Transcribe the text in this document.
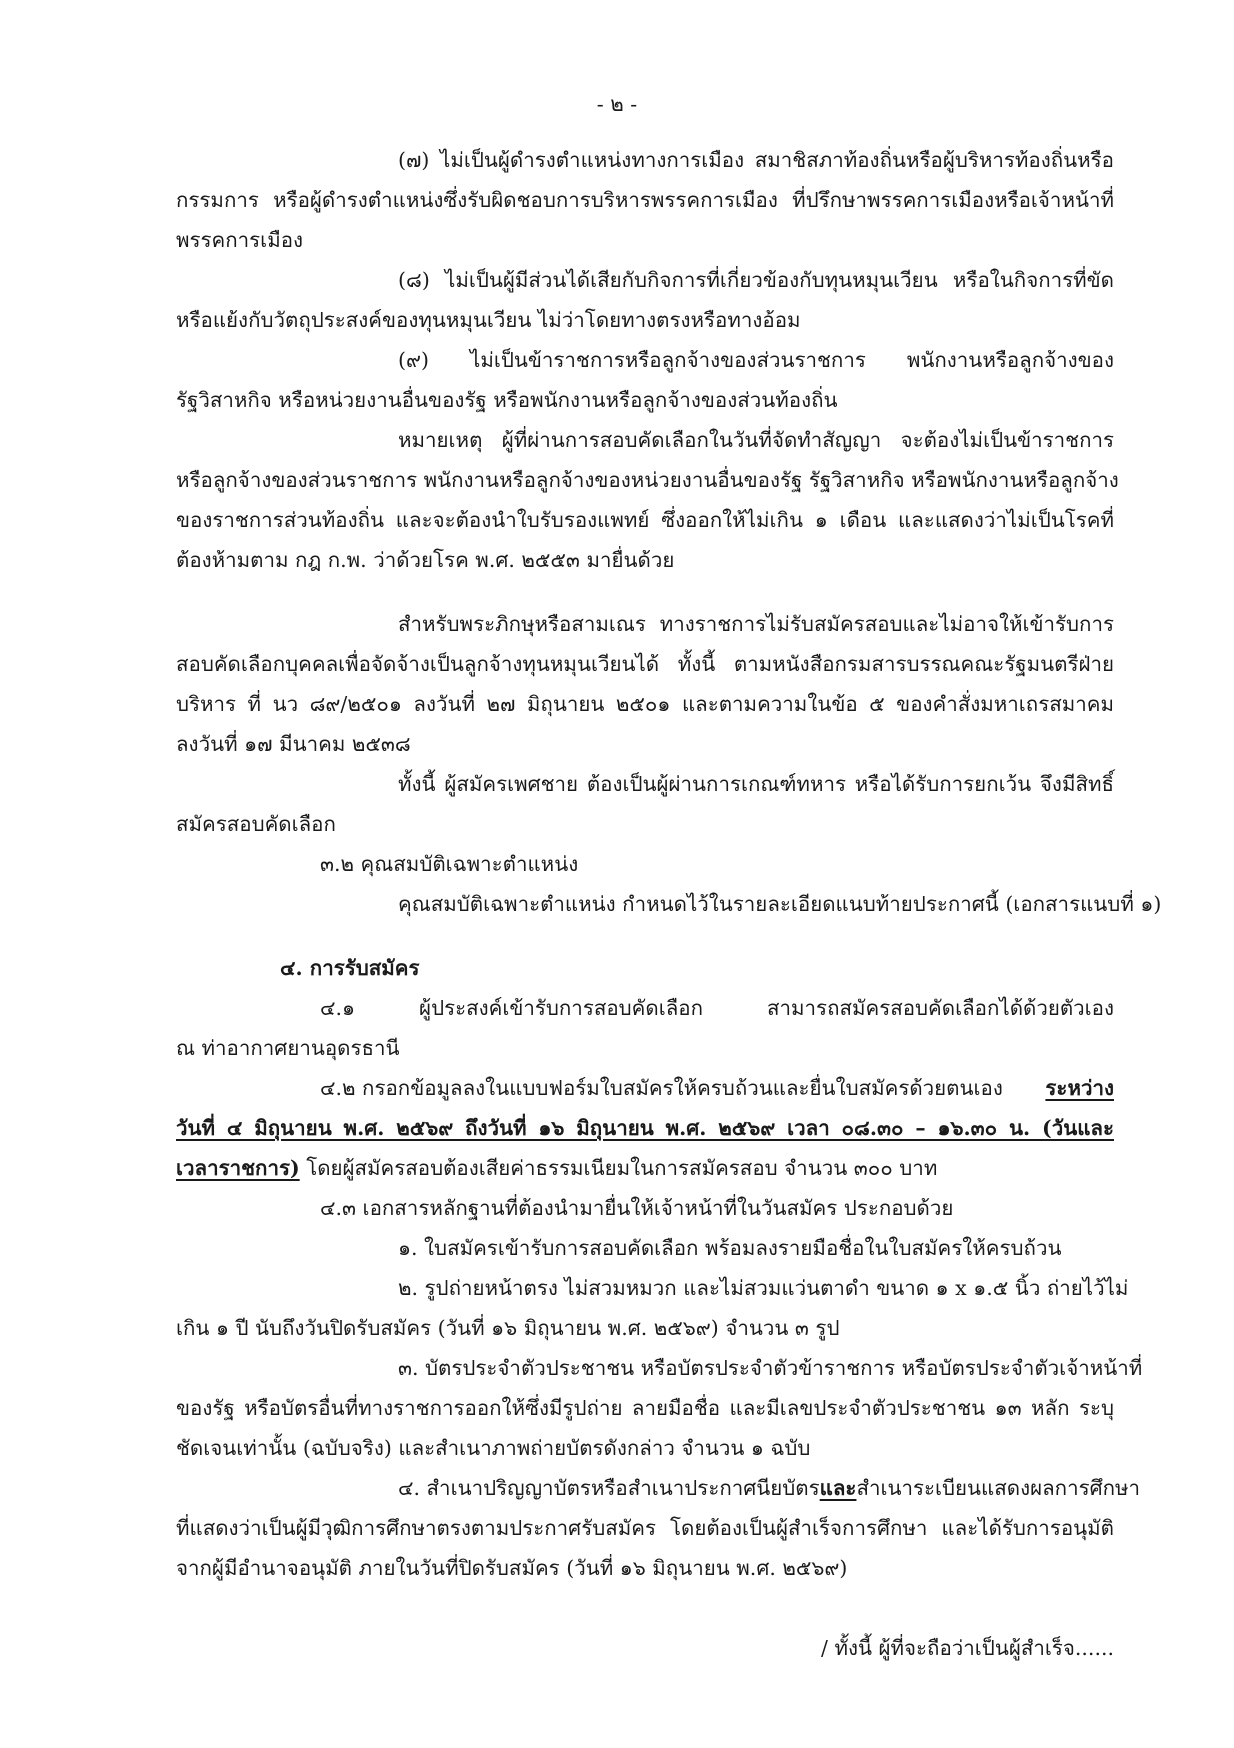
- ๒ -
(๗) ไม่เป็นผู้ดำรงตำแหน่งทางการเมือง สมาชิสภาท้องถิ่นหรือผู้บริหารท้องถิ่นหรือ
กรรมการ หรือผู้ดำรงตำแหน่งซึ่งรับผิดชอบการบริหารพรรคการเมือง ที่ปรึกษาพรรคการเมืองหรือเจ้าหน้าที่
พรรคการเมือง
(๘) ไม่เป็นผู้มีส่วนได้เสียกับกิจการที่เกี่ยวข้องกับทุนหมุนเวียน หรือในกิจการที่ขัด
หรือแย้งกับวัตถุประสงค์ของทุนหมุนเวียน ไม่ว่าโดยทางตรงหรือทางอ้อม
(๙) ไม่เป็นข้าราชการหรือลูกจ้างของส่วนราชการ พนักงานหรือลูกจ้างของ
รัฐวิสาหกิจ หรือหน่วยงานอื่นของรัฐ หรือพนักงานหรือลูกจ้างของส่วนท้องถิ่น
หมายเหตุ ผู้ที่ผ่านการสอบคัดเลือกในวันที่จัดทำสัญญา จะต้องไม่เป็นข้าราชการ
หรือลูกจ้างของส่วนราชการ พนักงานหรือลูกจ้างของหน่วยงานอื่นของรัฐ รัฐวิสาหกิจ หรือพนักงานหรือลูกจ้าง
ของราชการส่วนท้องถิ่น และจะต้องนำใบรับรองแพทย์ ซึ่งออกให้ไม่เกิน ๑ เดือน และแสดงว่าไม่เป็นโรคที่
ต้องห้ามตาม กฎ ก.พ. ว่าด้วยโรค พ.ศ. ๒๕๕๓ มายื่นด้วย
สำหรับพระภิกษุหรือสามเณร ทางราชการไม่รับสมัครสอบและไม่อาจให้เข้ารับการ
สอบคัดเลือกบุคคลเพื่อจัดจ้างเป็นลูกจ้างทุนหมุนเวียนได้ ทั้งนี้ ตามหนังสือกรมสารบรรณคณะรัฐมนตรีฝ่าย
บริหาร ที่ นว ๘๙/๒๕๐๑ ลงวันที่ ๒๗ มิถุนายน ๒๕๐๑ และตามความในข้อ ๕ ของคำสั่งมหาเถรสมาคม
ลงวันที่ ๑๗ มีนาคม ๒๕๓๘
ทั้งนี้ ผู้สมัครเพศชาย ต้องเป็นผู้ผ่านการเกณฑ์ทหาร หรือได้รับการยกเว้น จึงมีสิทธิ์
สมัครสอบคัดเลือก
๓.๒ คุณสมบัติเฉพาะตำแหน่ง
คุณสมบัติเฉพาะตำแหน่ง กำหนดไว้ในรายละเอียดแนบท้ายประกาศนี้ (เอกสารแนบที่ ๑)
๔. การรับสมัคร
๔.๑ ผู้ประสงค์เข้ารับการสอบคัดเลือก สามารถสมัครสอบคัดเลือกได้ด้วยตัวเอง
ณ ท่าอากาศยานอุดรธานี
๔.๒ กรอกข้อมูลลงในแบบฟอร์มใบสมัครให้ครบถ้วนและยื่นใบสมัครด้วยตนเอง ระหว่าง
วันที่ ๔ มิถุนายน พ.ศ. ๒๕๖๙ ถึงวันที่ ๑๖ มิถุนายน พ.ศ. ๒๕๖๙ เวลา ๐๘.๓๐ – ๑๖.๓๐ น. (วันและ
เวลาราชการ) โดยผู้สมัครสอบต้องเสียค่าธรรมเนียมในการสมัครสอบ จำนวน ๓๐๐ บาท
๔.๓ เอกสารหลักฐานที่ต้องนำมายื่นให้เจ้าหน้าที่ในวันสมัคร ประกอบด้วย
๑. ใบสมัครเข้ารับการสอบคัดเลือก พร้อมลงรายมือชื่อในใบสมัครให้ครบถ้วน
๒. รูปถ่ายหน้าตรง ไม่สวมหมวก และไม่สวมแว่นตาดำ ขนาด ๑ x ๑.๕ นิ้ว ถ่ายไว้ไม่
เกิน ๑ ปี นับถึงวันปิดรับสมัคร (วันที่ ๑๖ มิถุนายน พ.ศ. ๒๕๖๙) จำนวน ๓ รูป
๓. บัตรประจำตัวประชาชน หรือบัตรประจำตัวข้าราชการ หรือบัตรประจำตัวเจ้าหน้าที่
ของรัฐ หรือบัตรอื่นที่ทางราชการออกให้ซึ่งมีรูปถ่าย ลายมือชื่อ และมีเลขประจำตัวประชาชน ๑๓ หลัก ระบุ
ชัดเจนเท่านั้น (ฉบับจริง) และสำเนาภาพถ่ายบัตรดังกล่าว จำนวน ๑ ฉบับ
๔. สำเนาปริญญาบัตรหรือสำเนาประกาศนียบัตร และ สำเนาระเบียนแสดงผลการศึกษา
ที่แสดงว่าเป็นผู้มีวุฒิการศึกษาตรงตามประกาศรับสมัคร โดยต้องเป็นผู้สำเร็จการศึกษา และได้รับการอนุมัติ
จากผู้มีอำนาจอนุมัติ ภายในวันที่ปิดรับสมัคร (วันที่ ๑๖ มิถุนายน พ.ศ. ๒๕๖๙)
/ ทั้งนี้ ผู้ที่จะถือว่าเป็นผู้สำเร็จ......
